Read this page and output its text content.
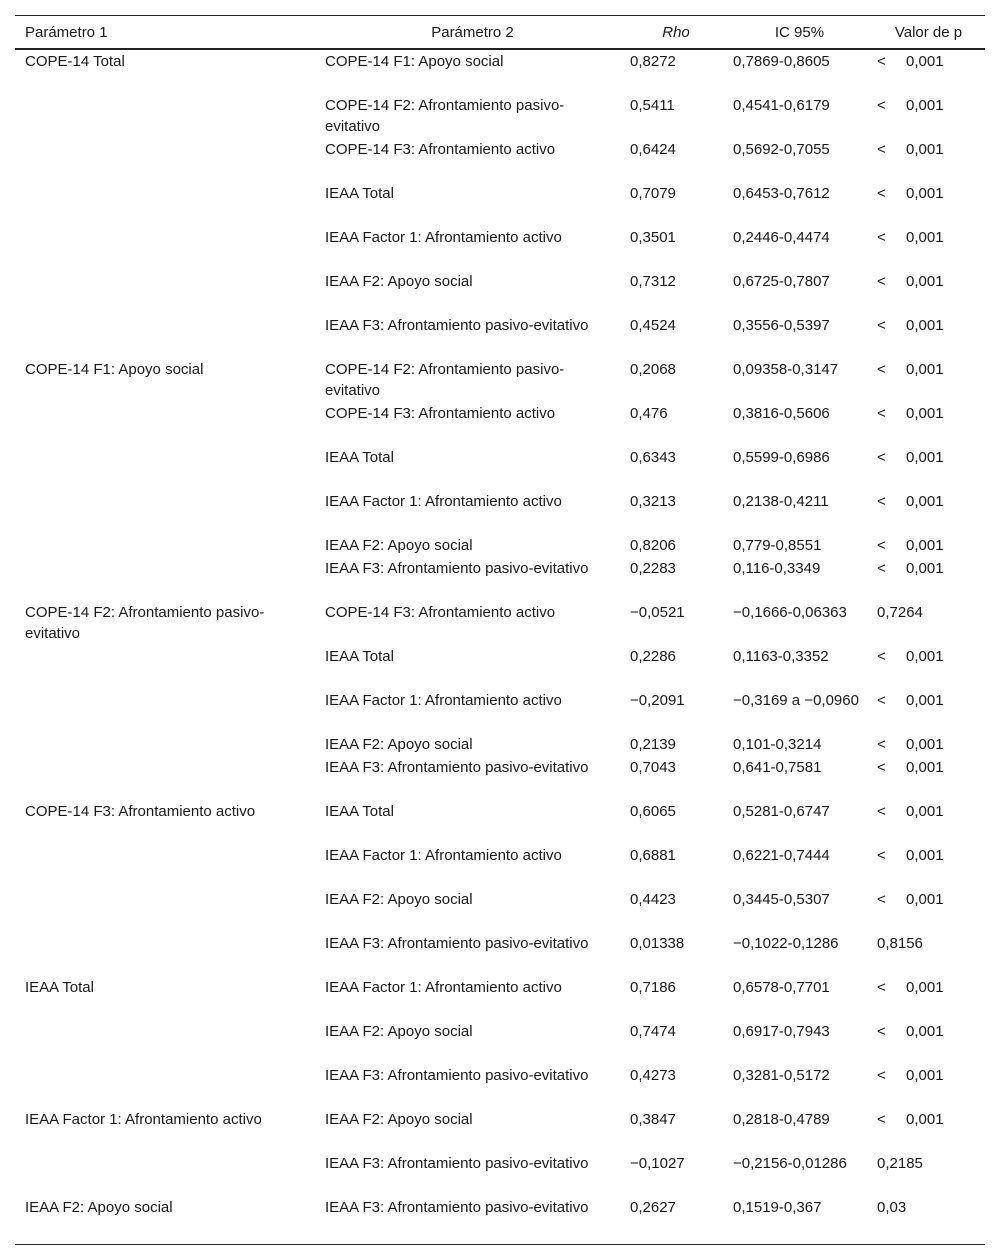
Parámetro 1	Parámetro 2	Rho	IC 95%	Valor de p
COPE-14 Total	COPE-14 F1: Apoyo social	0,8272	0,7869-0,8605	< 0,001
	COPE-14 F2: Afrontamiento pasivo-evitativo	0,5411	0,4541-0,6179	< 0,001
	COPE-14 F3: Afrontamiento activo	0,6424	0,5692-0,7055	< 0,001
	IEAA Total	0,7079	0,6453-0,7612	< 0,001
	IEAA Factor 1: Afrontamiento activo	0,3501	0,2446-0,4474	< 0,001
	IEAA F2: Apoyo social	0,7312	0,6725-0,7807	< 0,001
	IEAA F3: Afrontamiento pasivo-evitativo	0,4524	0,3556-0,5397	< 0,001
COPE-14 F1: Apoyo social	COPE-14 F2: Afrontamiento pasivo-evitativo	0,2068	0,09358-0,3147	< 0,001
	COPE-14 F3: Afrontamiento activo	0,476	0,3816-0,5606	< 0,001
	IEAA Total	0,6343	0,5599-0,6986	< 0,001
	IEAA Factor 1: Afrontamiento activo	0,3213	0,2138-0,4211	< 0,001
	IEAA F2: Apoyo social	0,8206	0,779-0,8551	< 0,001
	IEAA F3: Afrontamiento pasivo-evitativo	0,2283	0,116-0,3349	< 0,001
COPE-14 F2: Afrontamiento pasivo-evitativo	COPE-14 F3: Afrontamiento activo	−0,0521	−0,1666-0,06363	0,7264
	IEAA Total	0,2286	0,1163-0,3352	< 0,001
	IEAA Factor 1: Afrontamiento activo	−0,2091	−0,3169 a −0,0960	< 0,001
	IEAA F2: Apoyo social	0,2139	0,101-0,3214	< 0,001
	IEAA F3: Afrontamiento pasivo-evitativo	0,7043	0,641-0,7581	< 0,001
COPE-14 F3: Afrontamiento activo	IEAA Total	0,6065	0,5281-0,6747	< 0,001
	IEAA Factor 1: Afrontamiento activo	0,6881	0,6221-0,7444	< 0,001
	IEAA F2: Apoyo social	0,4423	0,3445-0,5307	< 0,001
	IEAA F3: Afrontamiento pasivo-evitativo	0,01338	−0,1022-0,1286	0,8156
IEAA Total	IEAA Factor 1: Afrontamiento activo	0,7186	0,6578-0,7701	< 0,001
	IEAA F2: Apoyo social	0,7474	0,6917-0,7943	< 0,001
	IEAA F3: Afrontamiento pasivo-evitativo	0,4273	0,3281-0,5172	< 0,001
IEAA Factor 1: Afrontamiento activo	IEAA F2: Apoyo social	0,3847	0,2818-0,4789	< 0,001
	IEAA F3: Afrontamiento pasivo-evitativo	−0,1027	−0,2156-0,01286	0,2185
IEAA F2: Apoyo social	IEAA F3: Afrontamiento pasivo-evitativo	0,2627	0,1519-0,367	0,03
